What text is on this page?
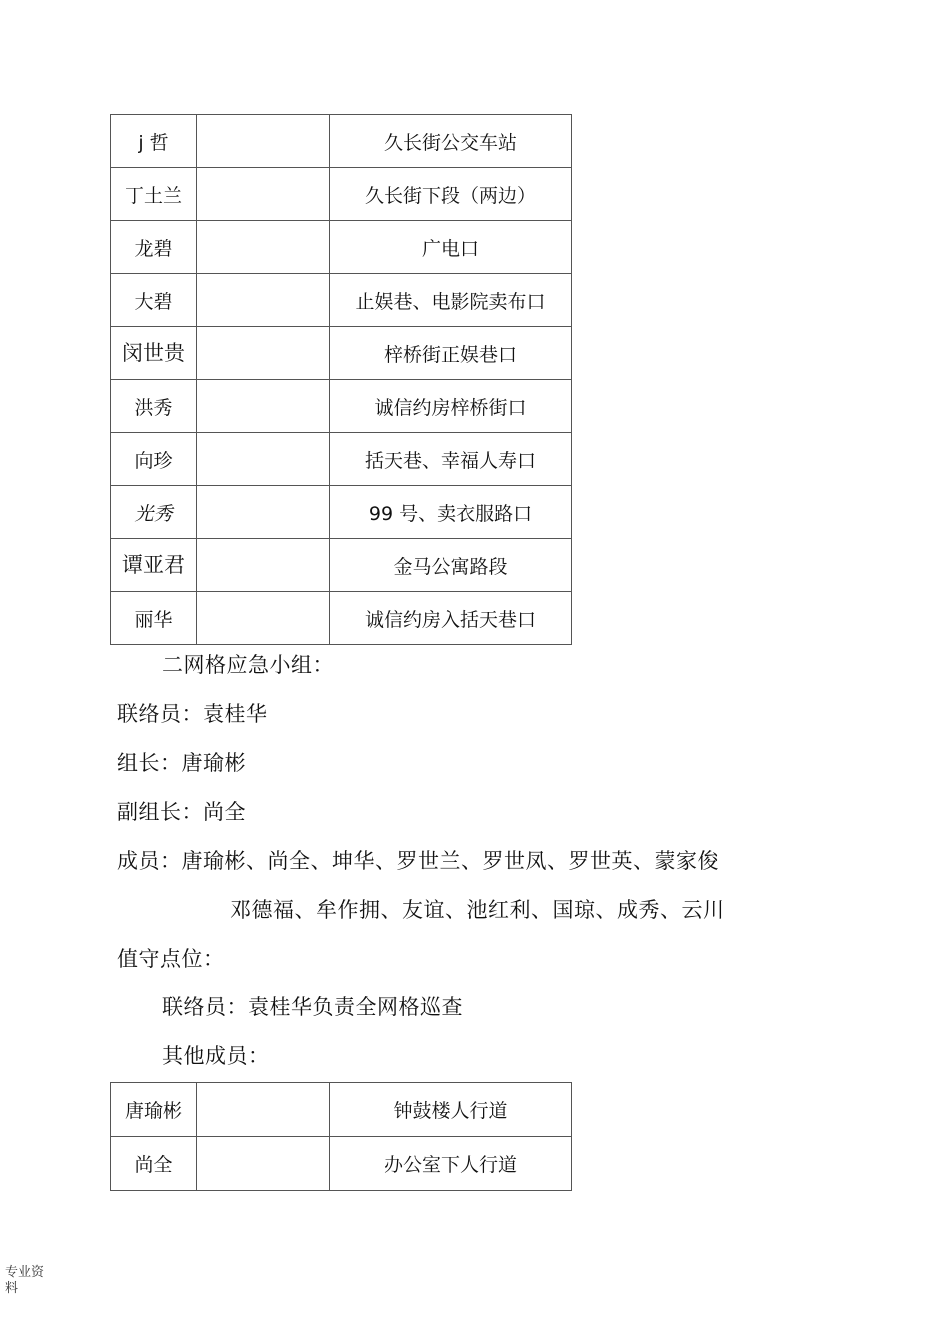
j 哲		久长街公交车站
丁土兰		久长街下段（两边）
龙碧		广电口
大碧		止娱巷、电影院卖布口
闵世贵		梓桥街正娱巷口
洪秀		诚信约房梓桥街口
向珍		括天巷、幸福人寿口
光秀		99 号、卖衣服路口
谭亚君		金马公寓路段
丽华		诚信约房入括天巷口
二网格应急小组：
联络员：袁桂华
组长：唐瑜彬
副组长：尚全
成员：唐瑜彬、尚全、坤华、罗世兰、罗世凤、罗世英、蒙家俊
邓德福、牟作拥、友谊、池红利、国琼、成秀、云川
值守点位：
联络员：袁桂华负责全网格巡查
其他成员：
唐瑜彬		钟鼓楼人行道
尚全		办公室下人行道
专业资
料
